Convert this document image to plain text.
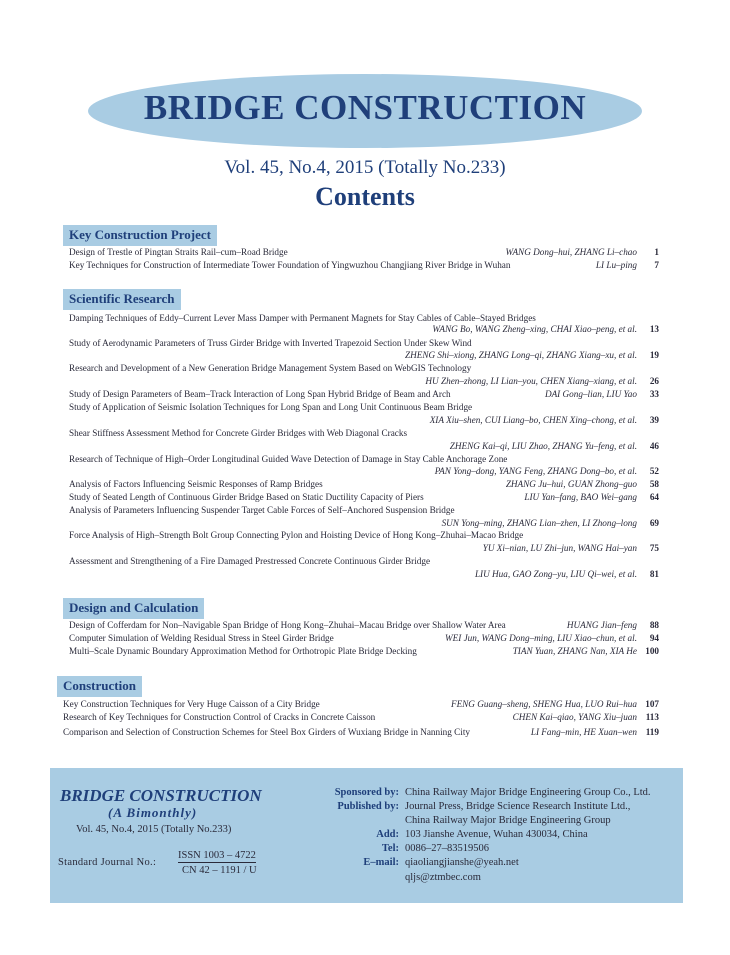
BRIDGE CONSTRUCTION
Vol. 45, No.4, 2015 (Totally No.233)
Contents
Key Construction Project
Design of Trestle of Pingtan Straits Rail–cum–Road Bridge	WANG Dong–hui, ZHANG Li–chao	1
Key Techniques for Construction of Intermediate Tower Foundation of Yingwuzhou Changjiang River Bridge in Wuhan	LI Lu–ping	7
Scientific Research
Damping Techniques of Eddy–Current Lever Mass Damper with Permanent Magnets for Stay Cables of Cable–Stayed Bridges
WANG Bo, WANG Zheng–xing, CHAI Xiao–peng, et al.	13
Study of Aerodynamic Parameters of Truss Girder Bridge with Inverted Trapezoid Section Under Skew Wind
ZHENG Shi–xiong, ZHANG Long–qi, ZHANG Xiang–xu, et al.	19
Research and Development of a New Generation Bridge Management System Based on WebGIS Technology
HU Zhen–zhong, LI Lian–you, CHEN Xiang–xiang, et al.	26
Study of Design Parameters of Beam–Track Interaction of Long Span Hybrid Bridge of Beam and Arch	DAI Gong–lian, LIU Yao	33
Study of Application of Seismic Isolation Techniques for Long Span and Long Unit Continuous Beam Bridge
XIA Xiu–shen, CUI Liang–bo, CHEN Xing–chong, et al.	39
Shear Stiffness Assessment Method for Concrete Girder Bridges with Web Diagonal Cracks
ZHENG Kai–qi, LIU Zhao, ZHANG Yu–feng, et al.	46
Research of Technique of High–Order Longitudinal Guided Wave Detection of Damage in Stay Cable Anchorage Zone
PAN Yong–dong, YANG Feng, ZHANG Dong–bo, et al.	52
Analysis of Factors Influencing Seismic Responses of Ramp Bridges	ZHANG Ju–hui, GUAN Zhong–guo	58
Study of Seated Length of Continuous Girder Bridge Based on Static Ductility Capacity of Piers	LIU Yan–fang, BAO Wei–gang	64
Analysis of Parameters Influencing Suspender Target Cable Forces of Self–Anchored Suspension Bridge
SUN Yong–ming, ZHANG Lian–zhen, LI Zhong–long	69
Force Analysis of High–Strength Bolt Group Connecting Pylon and Hoisting Device of Hong Kong–Zhuhai–Macao Bridge
YU Xi–nian, LU Zhi–jun, WANG Hai–yan	75
Assessment and Strengthening of a Fire Damaged Prestressed Concrete Continuous Girder Bridge
LIU Hua, GAO Zong–yu, LIU Qi–wei, et al.	81
Design and Calculation
Design of Cofferdam for Non–Navigable Span Bridge of Hong Kong–Zhuhai–Macau Bridge over Shallow Water Area	HUANG Jian–feng	88
Computer Simulation of Welding Residual Stress in Steel Girder Bridge	WEI Jun, WANG Dong–ming, LIU Xiao–chun, et al.	94
Multi–Scale Dynamic Boundary Approximation Method for Orthotropic Plate Bridge Decking	TIAN Yuan, ZHANG Nan, XIA He 100
Construction
Key Construction Techniques for Very Huge Caisson of a City Bridge	FENG Guang–sheng, SHENG Hua, LUO Rui–hua 107
Research of Key Techniques for Construction Control of Cracks in Concrete Caisson	CHEN Kai–qiao, YANG Xiu–juan 113
Comparison and Selection of Construction Schemes for Steel Box Girders of Wuxiang Bridge in Nanning City	LI Fang–min, HE Xuan–wen 119
BRIDGE CONSTRUCTION
(A Bimonthly)
Vol. 45, No.4, 2015 (Totally No.233)
Standard Journal No.:
ISSN 1003 – 4722
CN 42 – 1191 / U
Sponsored by: China Railway Major Bridge Engineering Group Co., Ltd.
Published by: Journal Press, Bridge Science Research Institute Ltd.,
China Railway Major Bridge Engineering Group
Add: 103 Jianshe Avenue, Wuhan 430034, China
Tel: 0086–27–83519506
E–mail: qiaoliangjianshe@yeah.net
qljs@ztmbec.com
